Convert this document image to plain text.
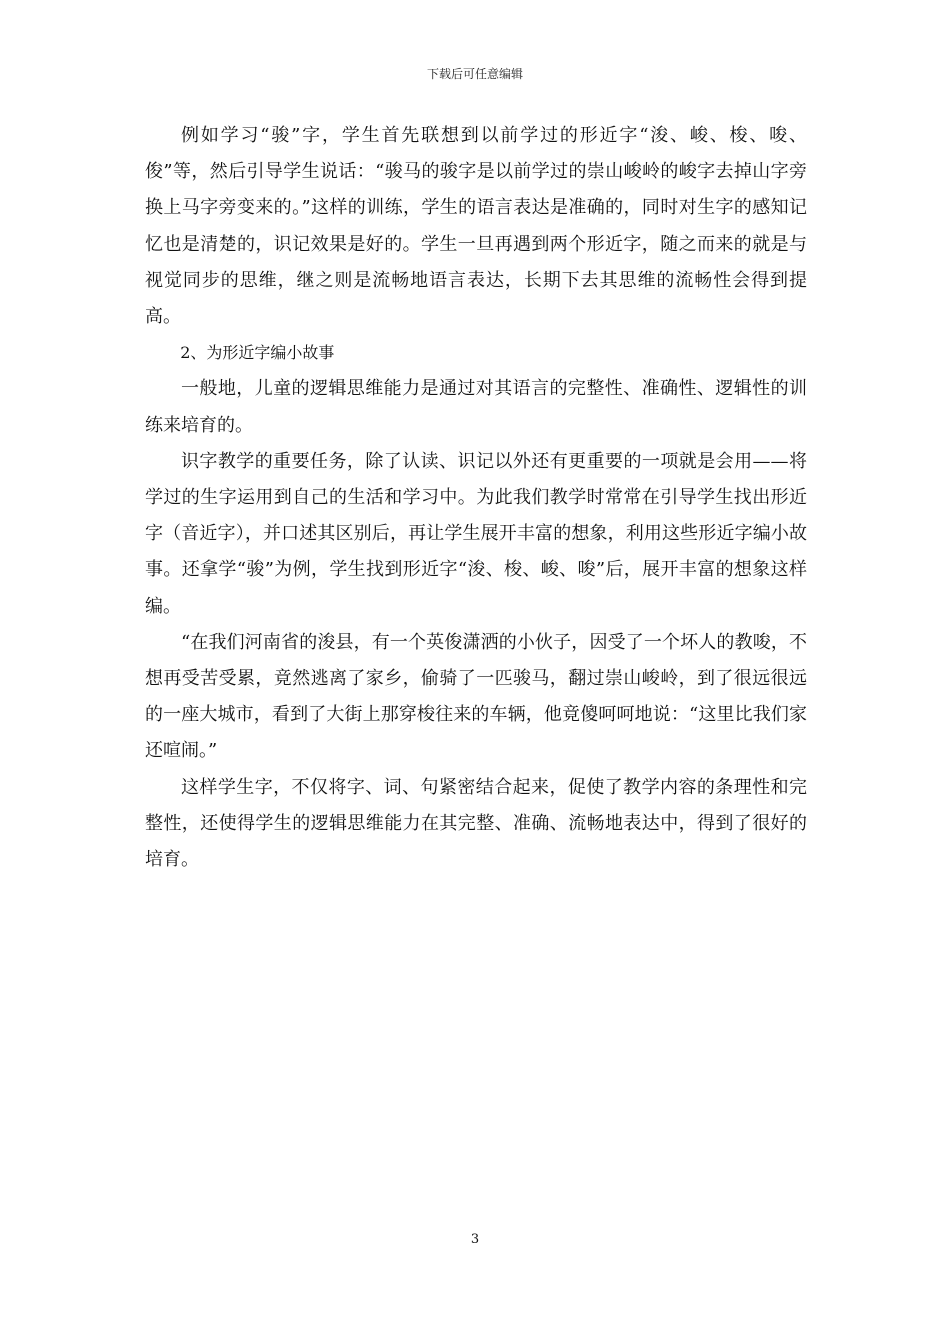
下载后可任意编辑

例如学习“骏”字，学生首先联想到以前学过的形近字“浚、峻、梭、唆、俊”等，然后引导学生说话：“骏马的骏字是以前学过的崇山峻岭的峻字去掉山字旁换上马字旁变来的。”这样的训练，学生的语言表达是准确的，同时对生字的感知记忆也是清楚的，识记效果是好的。学生一旦再遇到两个形近字，随之而来的就是与视觉同步的思维，继之则是流畅地语言表达，长期下去其思维的流畅性会得到提高。

2、为形近字编小故事

一般地，儿童的逻辑思维能力是通过对其语言的完整性、准确性、逻辑性的训练来培育的。

识字教学的重要任务，除了认读、识记以外还有更重要的一项就是会用——将学过的生字运用到自己的生活和学习中。为此我们教学时常常在引导学生找出形近字（音近字），并口述其区别后，再让学生展开丰富的想象，利用这些形近字编小故事。还拿学“骏”为例，学生找到形近字“浚、梭、峻、唆”后，展开丰富的想象这样编。

“在我们河南省的浚县，有一个英俊潇洒的小伙子，因受了一个坏人的教唆，不想再受苦受累，竟然逃离了家乡，偷骑了一匹骏马，翻过崇山峻岭，到了很远很远的一座大城市，看到了大街上那穿梭往来的车辆，他竟傻呵呵地说：“这里比我们家还喧闹。”

这样学生字，不仅将字、词、句紧密结合起来，促使了教学内容的条理性和完整性，还使得学生的逻辑思维能力在其完整、准确、流畅地表达中，得到了很好的培育。

3
